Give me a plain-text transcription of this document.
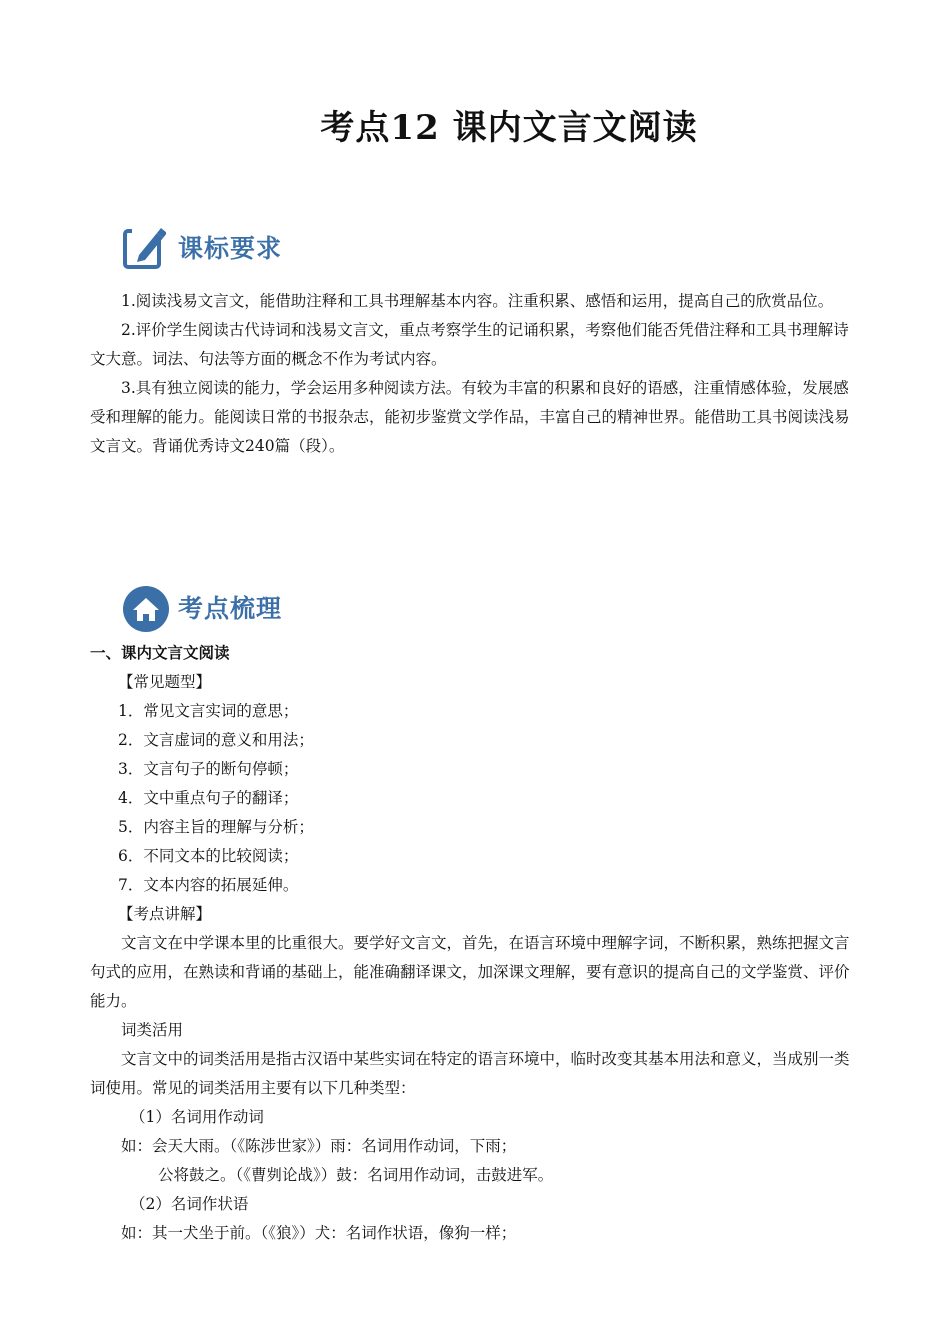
考点12 课内文言文阅读
课标要求

1.阅读浅易文言文，能借助注释和工具书理解基本内容。注重积累、感悟和运用，提高自己的欣赏品位。

2.评价学生阅读古代诗词和浅易文言文，重点考察学生的记诵积累，考察他们能否凭借注释和工具书理解诗文大意。词法、句法等方面的概念不作为考试内容。

3.具有独立阅读的能力，学会运用多种阅读方法。有较为丰富的积累和良好的语感，注重情感体验，发展感受和理解的能力。能阅读日常的书报杂志，能初步鉴赏文学作品，丰富自己的精神世界。能借助工具书阅读浅易文言文。背诵优秀诗文240篇（段）。

考点梳理

一、课内文言文阅读

【常见题型】

1．常见文言实词的意思；

2．文言虚词的意义和用法；

3．文言句子的断句停顿；

4．文中重点句子的翻译；

5．内容主旨的理解与分析；

6．不同文本的比较阅读；

7．文本内容的拓展延伸。

【考点讲解】

文言文在中学课本里的比重很大。要学好文言文，首先，在语言环境中理解字词，不断积累，熟练把握文言句式的应用，在熟读和背诵的基础上，能准确翻译课文，加深课文理解，要有意识的提高自己的文学鉴赏、评价能力。

词类活用

文言文中的词类活用是指古汉语中某些实词在特定的语言环境中，临时改变其基本用法和意义，当成别一类词使用。常见的词类活用主要有以下几种类型：

（1）名词用作动词

如：会天大雨。（《陈涉世家》）雨：名词用作动词，下雨；

公将鼓之。（《曹刿论战》）鼓：名词用作动词，击鼓进军。

（2）名词作状语

如：其一犬坐于前。（《狼》）犬：名词作状语，像狗一样；
